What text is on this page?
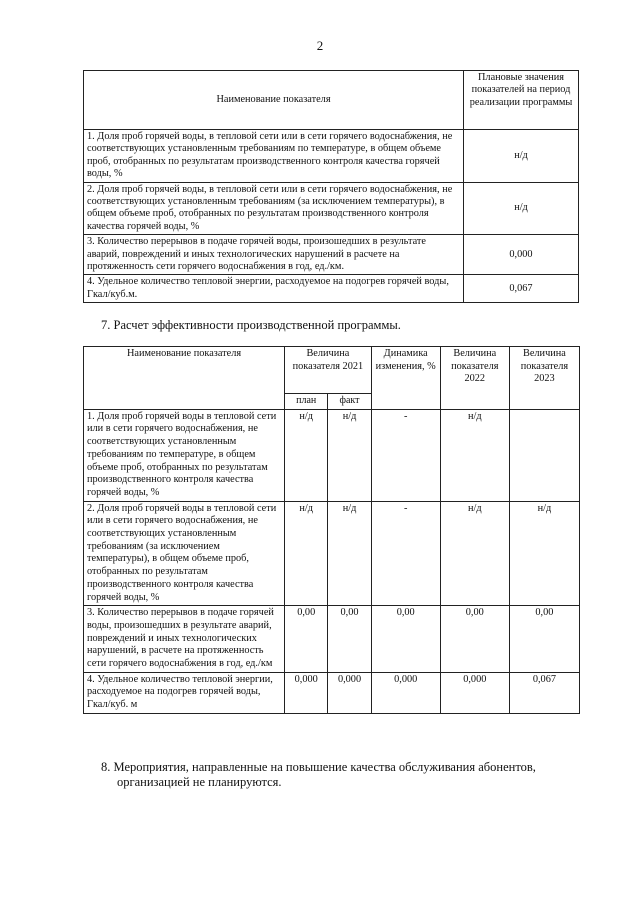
2
Наименование показателя	Плановые значения показателей на период реализации программы
1. Доля проб горячей воды, в тепловой сети или в сети горячего водоснабжения, не соответствующих установленным требованиям по температуре, в общем объеме проб, отобранных по результатам производственного контроля качества горячей воды, %	н/д
2. Доля проб горячей воды, в тепловой сети или в сети горячего водоснабжения, не соответствующих установленным требованиям (за исключением температуры), в общем объеме проб, отобранных по результатам производственного контроля качества горячей воды, %	н/д
3. Количество перерывов в подаче горячей воды, произошедших в результате аварий, повреждений и иных технологических нарушений в расчете на протяженность сети горячего водоснабжения в год, ед./км.	0,000
4. Удельное количество тепловой энергии, расходуемое на подогрев горячей воды, Гкал/куб.м.	0,067
7. Расчет эффективности производственной программы.
Наименование показателя	Величина показателя 2021		Динамика изменения, %	Величина показателя 2022	Величина показателя 2023
	план	факт			
1. Доля проб горячей воды в тепловой сети или в сети горячего водоснабжения, не соответствующих установленным требованиям по температуре, в общем объеме проб, отобранных по результатам производственного контроля качества горячей воды, %	н/д	н/д	-	н/д	
2. Доля проб горячей воды в тепловой сети или в сети горячего водоснабжения, не соответствующих установленным требованиям (за исключением температуры), в общем объеме проб, отобранных по результатам производственного контроля качества горячей воды, %	н/д	н/д	-	н/д	н/д
3. Количество перерывов в подаче горячей воды, произошедших в результате аварий, повреждений и иных технологических нарушений, в расчете на протяженность сети горячего водоснабжения в год, ед./км	0,00	0,00	0,00	0,00	0,00
4. Удельное количество тепловой энергии, расходуемое на подогрев горячей воды, Гкал/куб. м	0,000	0,000	0,000	0,000	0,067
8. Мероприятия, направленные на повышение качества обслуживания абонентов,
организацией не планируются.
